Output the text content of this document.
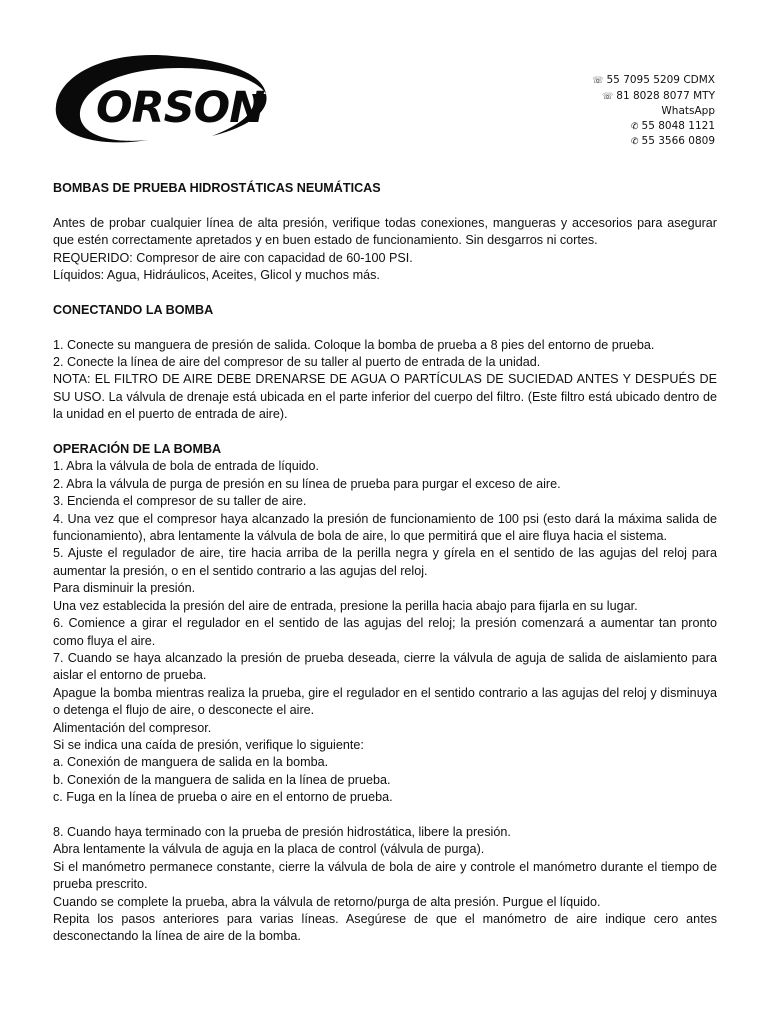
ORSON
☏ 55 7095 5209 CDMX
☏ 81 8028 8077 MTY
WhatsApp
✆ 55 8048 1121
✆ 55 3566 0809
BOMBAS DE PRUEBA HIDROSTÁTICAS NEUMÁTICAS

Antes de probar cualquier línea de alta presión, verifique todas conexiones, mangueras y accesorios para asegurar que estén correctamente apretados y en buen estado de funcionamiento. Sin desgarros ni cortes.

REQUERIDO: Compresor de aire con capacidad de 60-100 PSI.

Líquidos: Agua, Hidráulicos, Aceites, Glicol y muchos más.

CONECTANDO LA BOMBA

1. Conecte su manguera de presión de salida. Coloque la bomba de prueba a 8 pies del entorno de prueba.

2. Conecte la línea de aire del compresor de su taller al puerto de entrada de la unidad.

NOTA: EL FILTRO DE AIRE DEBE DRENARSE DE AGUA O PARTÍCULAS DE SUCIEDAD ANTES Y DESPUÉS DE SU USO. La válvula de drenaje está ubicada en el parte inferior del cuerpo del filtro. (Este filtro está ubicado dentro de la unidad en el puerto de entrada de aire).

OPERACIÓN DE LA BOMBA

1. Abra la válvula de bola de entrada de líquido.

2. Abra la válvula de purga de presión en su línea de prueba para purgar el exceso de aire.

3. Encienda el compresor de su taller de aire.

4. Una vez que el compresor haya alcanzado la presión de funcionamiento de 100 psi (esto dará la máxima salida de funcionamiento), abra lentamente la válvula de bola de aire, lo que permitirá que el aire fluya hacia el sistema.

5. Ajuste el regulador de aire, tire hacia arriba de la perilla negra y gírela en el sentido de las agujas del reloj para aumentar la presión, o en el sentido contrario a las agujas del reloj.

Para disminuir la presión.

Una vez establecida la presión del aire de entrada, presione la perilla hacia abajo para fijarla en su lugar.

6. Comience a girar el regulador en el sentido de las agujas del reloj; la presión comenzará a aumentar tan pronto como fluya el aire.

7. Cuando se haya alcanzado la presión de prueba deseada, cierre la válvula de aguja de salida de aislamiento para aislar el entorno de prueba.

Apague la bomba mientras realiza la prueba, gire el regulador en el sentido contrario a las agujas del reloj y disminuya o detenga el flujo de aire, o desconecte el aire.

Alimentación del compresor.

Si se indica una caída de presión, verifique lo siguiente:

a. Conexión de manguera de salida en la bomba.

b. Conexión de la manguera de salida en la línea de prueba.

c. Fuga en la línea de prueba o aire en el entorno de prueba.

8. Cuando haya terminado con la prueba de presión hidrostática, libere la presión.

Abra lentamente la válvula de aguja en la placa de control (válvula de purga).

Si el manómetro permanece constante, cierre la válvula de bola de aire y controle el manómetro durante el tiempo de prueba prescrito.

Cuando se complete la prueba, abra la válvula de retorno/purga de alta presión. Purgue el líquido.

Repita los pasos anteriores para varias líneas. Asegúrese de que el manómetro de aire indique cero antes desconectando la línea de aire de la bomba.
